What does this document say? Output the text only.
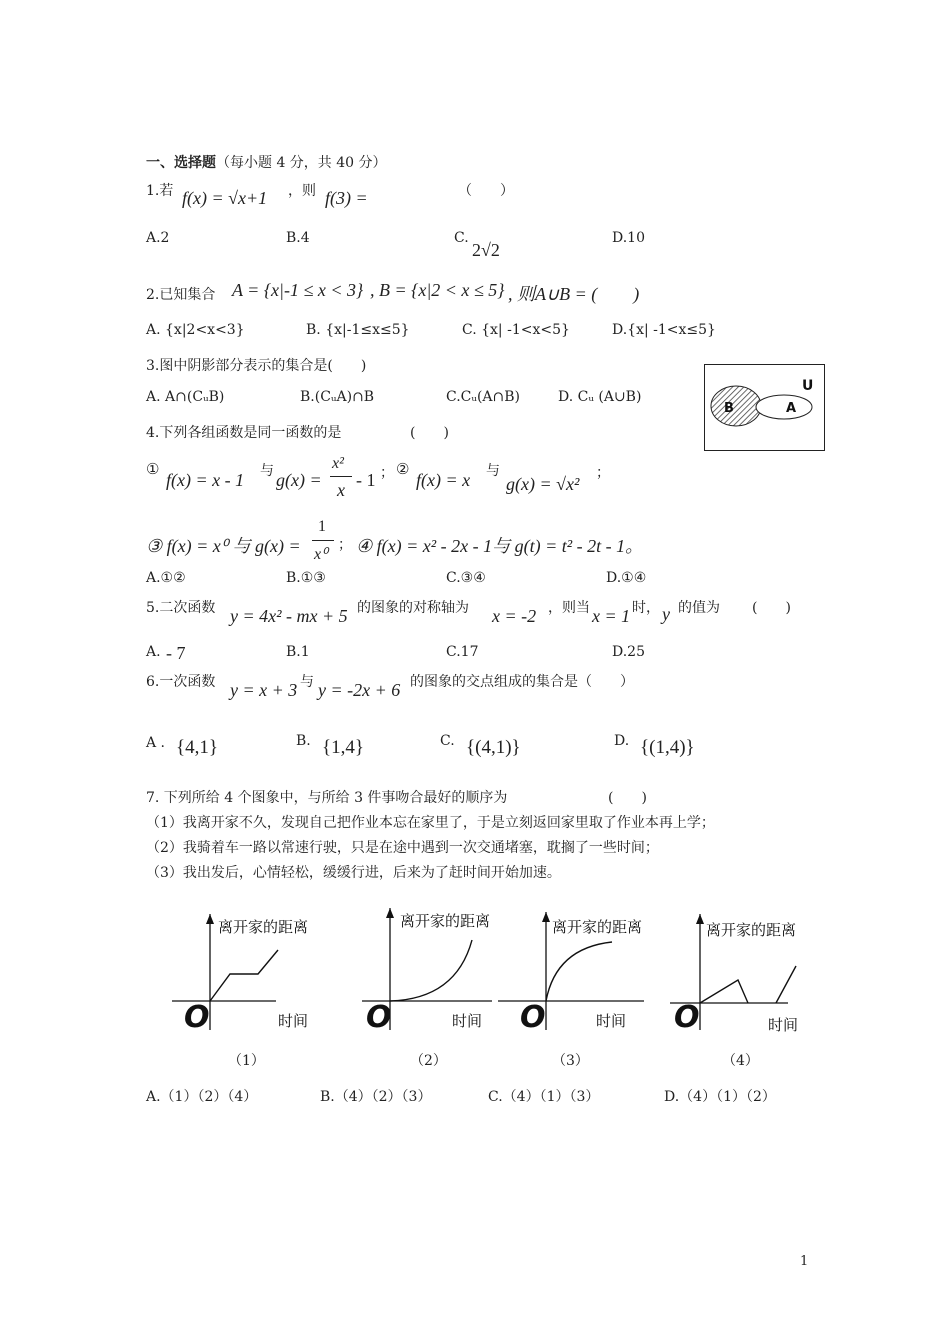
一、选择题（每小题 4 分，共 40 分）
1.若 f(x) = √x+1 ，则 f(3) =	（　　）
A.2	B.4	C.
2√2
D.10
2.已知集合 A = {x|-1 ≤ x < 3} , B = {x|2 < x ≤ 5} , 则A∪B = (　　)
A. {x|2<x<3}	B. {x|-1≤x≤5}	C. {x| -1<x<5}	D.{x| -1<x≤5}
3.图中阴影部分表示的集合是(　　)
A. A∩(CᵤB)	B.(CᵤA)∩B	C.Cᵤ(A∩B)	D. Cᵤ (A∪B)
U
B	A
4.下列各组函数是同一函数的是	(　　)
①
f(x) = x - 1 与 g(x) =
x²
x - 1 ； ②
f(x) = x 与
g(x) = √x²
；
③ f(x) = x⁰ 与 g(x) =
1
x⁰
； ④ f(x) = x² - 2x - 1与 g(t) = t² - 2t - 1。
A.①②	B.①③	C.③④	D.①④
5.二次函数 y = 4x² - mx + 5 的图象的对称轴为 x = -2 ，则当 x = 1 时， y 的值为 (　　)
A. - 7	B.1	C.17	D.25
6.一次函数 y = x + 3 与 y = -2x + 6 的图象的交点组成的集合是（　　）
A . {4,1}	B. {1,4}	C. {(4,1)}	D. {(1,4)}
7. 下列所给 4 个图象中，与所给 3 件事吻合最好的顺序为	(　　)
（1）我离开家不久，发现自己把作业本忘在家里了，于是立刻返回家里取了作业本再上学；
（2）我骑着车一路以常速行驶，只是在途中遇到一次交通堵塞，耽搁了一些时间；
（3）我出发后，心情轻松，缓缓行进，后来为了赶时间开始加速。
离开家的距离
时间
O
离开家的距离
时间
O
离开家的距离
时间
O
离开家的距离
时间
O
（1）	（2）	（3）	（4）
A.（1）（2）（4）	B.（4）（2）（3）	C.（4）（1）（3）	D.（4）（1）（2）
1
